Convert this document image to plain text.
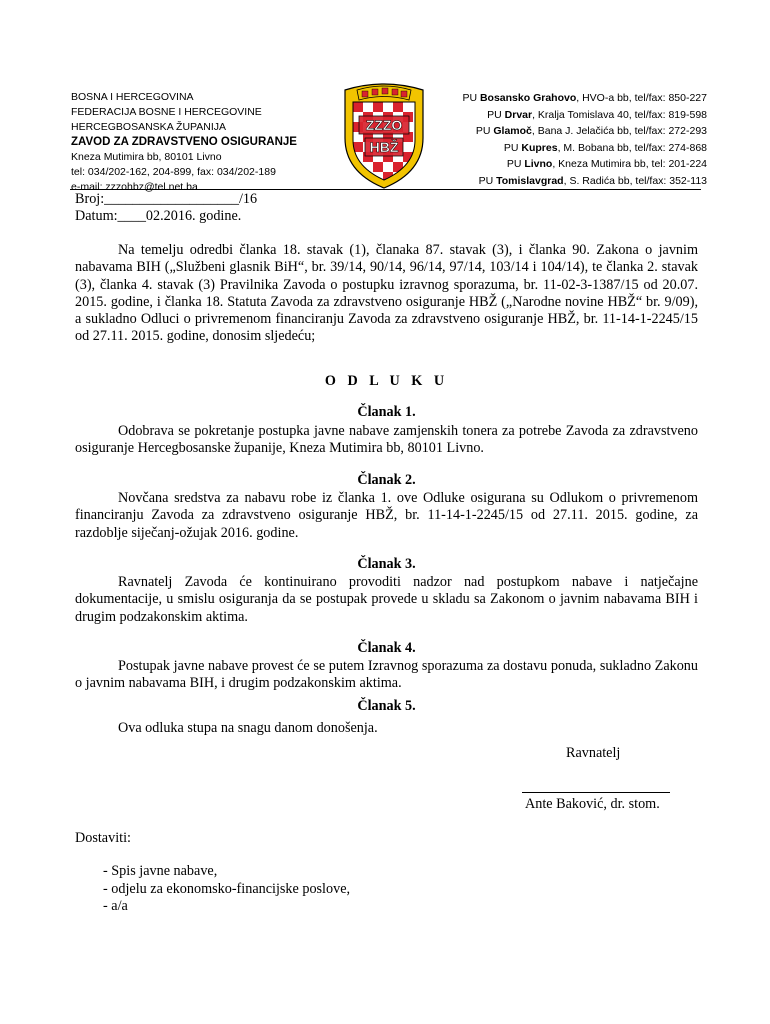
BOSNA I HERCEGOVINA
FEDERACIJA BOSNE I HERCEGOVINE
HERCEGBOSANSKA ŽUPANIJA
ZAVOD ZA ZDRAVSTVENO OSIGURANJE
Kneza Mutimira bb, 80101 Livno
tel: 034/202-162, 204-899, fax: 034/202-189
e-mail: zzzohbz@tel.net.ba
ZZZO
HBŽ
PU Bosansko Grahovo, HVO-a bb, tel/fax: 850-227
PU Drvar, Kralja Tomislava 40, tel/fax: 819-598
PU Glamoč, Bana J. Jelačića bb, tel/fax: 272-293
PU Kupres, M. Bobana bb, tel/fax: 274-868
PU Livno, Kneza Mutimira bb, tel: 201-224
PU Tomislavgrad, S. Radića bb, tel/fax: 352-113
Broj:___________________/16
Datum:____02.2016. godine.
Na temelju odredbi članka 18. stavak (1), članaka 87. stavak (3), i članka 90. Zakona o javnim nabavama BIH („Službeni glasnik BiH“, br. 39/14, 90/14, 96/14, 97/14, 103/14 i 104/14), te članka 2. stavak (3), članka 4. stavak (3) Pravilnika Zavoda o postupku izravnog sporazuma, br. 11-02-3-1387/15 od 20.07. 2015. godine, i članka 18. Statuta Zavoda za zdravstveno osiguranje HBŽ („Narodne novine HBŽ“ br. 9/09), a sukladno Odluci o privremenom financiranju Zavoda za zdravstveno osiguranje HBŽ, br. 11-14-1-2245/15 od 27.11. 2015. godine, donosim sljedeću;
O D L U K U
Članak 1.
Odobrava se pokretanje postupka javne nabave zamjenskih tonera za potrebe Zavoda za zdravstveno osiguranje Hercegbosanske županije, Kneza Mutimira bb, 80101 Livno.
Članak 2.
Novčana sredstva za nabavu robe iz članka 1. ove Odluke osigurana su Odlukom o privremenom financiranju Zavoda za zdravstveno osiguranje HBŽ, br. 11-14-1-2245/15 od 27.11. 2015. godine, za razdoblje siječanj-ožujak 2016. godine.
Članak 3.
Ravnatelj Zavoda će kontinuirano provoditi nadzor nad postupkom nabave i natječajne dokumentacije, u smislu osiguranja da se postupak provede u skladu sa Zakonom o javnim nabavama BIH i drugim podzakonskim aktima.
Članak 4.
Postupak javne nabave provest će se putem Izravnog sporazuma za dostavu ponuda, sukladno Zakonu o javnim nabavama BIH, i drugim podzakonskim aktima.
Članak 5.
Ova odluka stupa na snagu danom donošenja.
Ravnatelj
Ante Baković, dr. stom.
Dostaviti:
- Spis javne nabave,
- odjelu za ekonomsko-financijske poslove,
- a/a
